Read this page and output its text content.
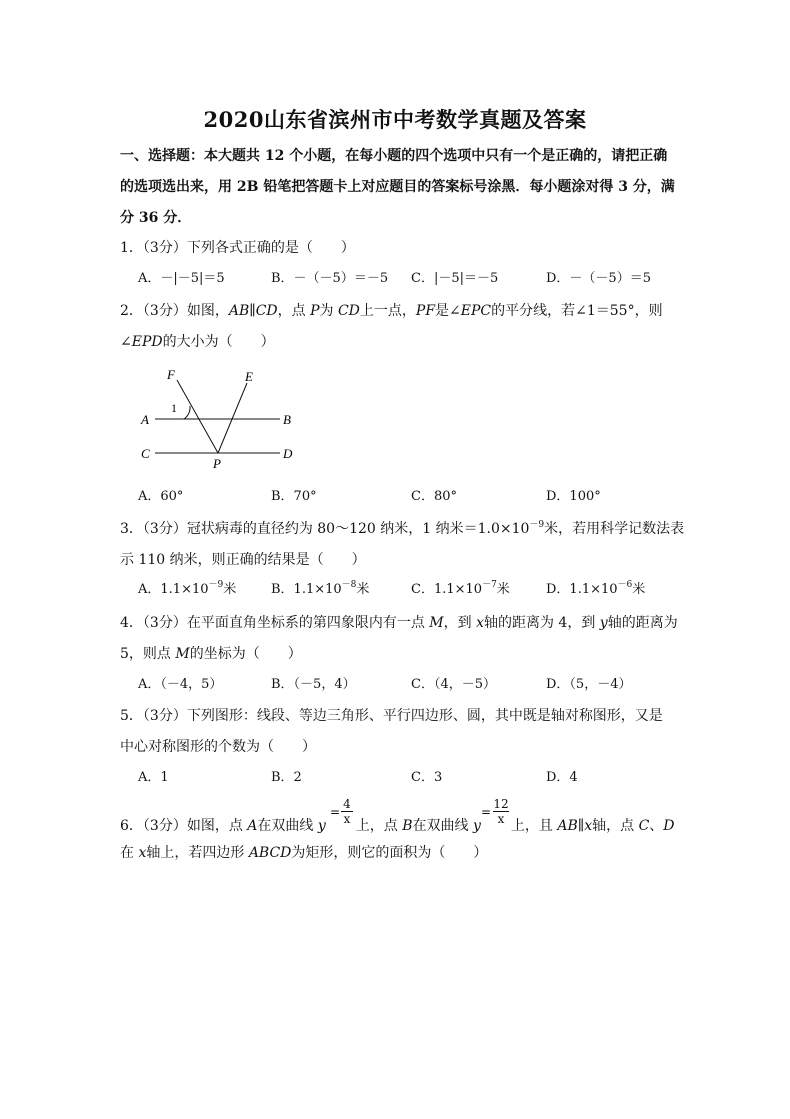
2020山东省滨州市中考数学真题及答案
一、选择题：本大题共 12 个小题，在每小题的四个选项中只有一个是正确的，请把正确
的选项选出来，用 2B 铅笔把答题卡上对应题目的答案标号涂黑．每小题涂对得 3 分，满
分 36 分．
1．（3分）下列各式正确的是（　　）
A．－|－5|＝5	B．－（－5）＝－5 C．|－5|＝－5	D．－（－5）＝5
2．（3分）如图，AB∥CD，点 P为 CD上一点，PF是∠EPC的平分线，若∠1＝55°，则
∠EPD的大小为（　　）
F	E
A	B
C	D
P
1
A．60°	B．70°	C．80°	D．100°
3．（3分）冠状病毒的直径约为 80～120 纳米，1 纳米$=1.0\times 10^{-9}$米，若用科学记数法表
示 110 纳米，则正确的结果是（　　）
A．$1.1\times 10^{-9}$米	B．$1.1\times 10^{-8}$米	C．$1.1\times 10^{-7}$米	D．$1.1\times 10^{-6}$米
4．（3分）在平面直角坐标系的第四象限内有一点 M，到 x轴的距离为 4，到 y轴的距离为
5，则点 M的坐标为（　　）
A．（－4，5）	B．（－5，4）	C．（4，－5）	D．（5，－4）
5．（3分）下列图形：线段、等边三角形、平行四边形、圆，其中既是轴对称图形，又是
中心对称图形的个数为（　　）
A．1	B．2	C．3	D．4
6．（3分）如图，点 A在双曲线 y 上，点 B在双曲线 y 上，且 AB∥x轴，点 C、D
= $\frac{4}{x}$	= $\frac{12}{x}$
在 x轴上，若四边形 ABCD为矩形，则它的面积为（　　）
